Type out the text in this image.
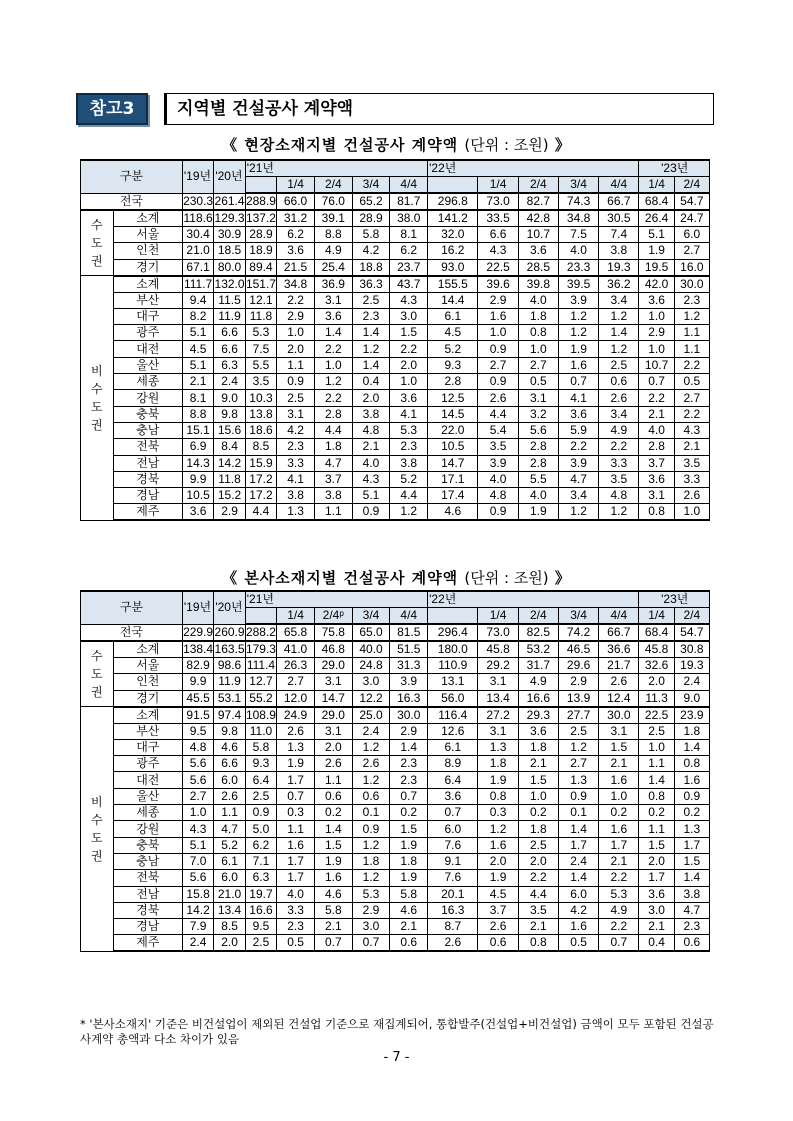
참고3	지역별 건설공사 계약액
《 현장소재지별 건설공사 계약액 (단위 : 조원) 》
구분		'19년	'20년	'21년					'22년					'23년	
					1/4	2/4	3/4	4/4		1/4	2/4	3/4	4/4	1/4	2/4
전국		230.3	261.4	288.9	66.0	76.0	65.2	81.7	296.8	73.0	82.7	74.3	66.7	68.4	54.7
수도권	소계	118.6	129.3	137.2	31.2	39.1	28.9	38.0	141.2	33.5	42.8	34.8	30.5	26.4	24.7
	서울	30.4	30.9	28.9	6.2	8.8	5.8	8.1	32.0	6.6	10.7	7.5	7.4	5.1	6.0
	인천	21.0	18.5	18.9	3.6	4.9	4.2	6.2	16.2	4.3	3.6	4.0	3.8	1.9	2.7
	경기	67.1	80.0	89.4	21.5	25.4	18.8	23.7	93.0	22.5	28.5	23.3	19.3	19.5	16.0
비수도권	소계	111.7	132.0	151.7	34.8	36.9	36.3	43.7	155.5	39.6	39.8	39.5	36.2	42.0	30.0
	부산	9.4	11.5	12.1	2.2	3.1	2.5	4.3	14.4	2.9	4.0	3.9	3.4	3.6	2.3
	대구	8.2	11.9	11.8	2.9	3.6	2.3	3.0	6.1	1.6	1.8	1.2	1.2	1.0	1.2
	광주	5.1	6.6	5.3	1.0	1.4	1.4	1.5	4.5	1.0	0.8	1.2	1.4	2.9	1.1
	대전	4.5	6.6	7.5	2.0	2.2	1.2	2.2	5.2	0.9	1.0	1.9	1.2	1.0	1.1
	울산	5.1	6.3	5.5	1.1	1.0	1.4	2.0	9.3	2.7	2.7	1.6	2.5	10.7	2.2
	세종	2.1	2.4	3.5	0.9	1.2	0.4	1.0	2.8	0.9	0.5	0.7	0.6	0.7	0.5
	강원	8.1	9.0	10.3	2.5	2.2	2.0	3.6	12.5	2.6	3.1	4.1	2.6	2.2	2.7
	충북	8.8	9.8	13.8	3.1	2.8	3.8	4.1	14.5	4.4	3.2	3.6	3.4	2.1	2.2
	충남	15.1	15.6	18.6	4.2	4.4	4.8	5.3	22.0	5.4	5.6	5.9	4.9	4.0	4.3
	전북	6.9	8.4	8.5	2.3	1.8	2.1	2.3	10.5	3.5	2.8	2.2	2.2	2.8	2.1
	전남	14.3	14.2	15.9	3.3	4.7	4.0	3.8	14.7	3.9	2.8	3.9	3.3	3.7	3.5
	경북	9.9	11.8	17.2	4.1	3.7	4.3	5.2	17.1	4.0	5.5	4.7	3.5	3.6	3.3
	경남	10.5	15.2	17.2	3.8	3.8	5.1	4.4	17.4	4.8	4.0	3.4	4.8	3.1	2.6
	제주	3.6	2.9	4.4	1.3	1.1	0.9	1.2	4.6	0.9	1.9	1.2	1.2	0.8	1.0
《 본사소재지별 건설공사 계약액 (단위 : 조원) 》
구분		'19년	'20년	'21년					'22년					'23년	
					1/4	2/4ᵖ	3/4	4/4		1/4	2/4	3/4	4/4	1/4	2/4
전국		229.9	260.9	288.2	65.8	75.8	65.0	81.5	296.4	73.0	82.5	74.2	66.7	68.4	54.7
수도권	소계	138.4	163.5	179.3	41.0	46.8	40.0	51.5	180.0	45.8	53.2	46.5	36.6	45.8	30.8
	서울	82.9	98.6	111.4	26.3	29.0	24.8	31.3	110.9	29.2	31.7	29.6	21.7	32.6	19.3
	인천	9.9	11.9	12.7	2.7	3.1	3.0	3.9	13.1	3.1	4.9	2.9	2.6	2.0	2.4
	경기	45.5	53.1	55.2	12.0	14.7	12.2	16.3	56.0	13.4	16.6	13.9	12.4	11.3	9.0
비수도권	소계	91.5	97.4	108.9	24.9	29.0	25.0	30.0	116.4	27.2	29.3	27.7	30.0	22.5	23.9
	부산	9.5	9.8	11.0	2.6	3.1	2.4	2.9	12.6	3.1	3.6	2.5	3.1	2.5	1.8
	대구	4.8	4.6	5.8	1.3	2.0	1.2	1.4	6.1	1.3	1.8	1.2	1.5	1.0	1.4
	광주	5.6	6.6	9.3	1.9	2.6	2.6	2.3	8.9	1.8	2.1	2.7	2.1	1.1	0.8
	대전	5.6	6.0	6.4	1.7	1.1	1.2	2.3	6.4	1.9	1.5	1.3	1.6	1.4	1.6
	울산	2.7	2.6	2.5	0.7	0.6	0.6	0.7	3.6	0.8	1.0	0.9	1.0	0.8	0.9
	세종	1.0	1.1	0.9	0.3	0.2	0.1	0.2	0.7	0.3	0.2	0.1	0.2	0.2	0.2
	강원	4.3	4.7	5.0	1.1	1.4	0.9	1.5	6.0	1.2	1.8	1.4	1.6	1.1	1.3
	충북	5.1	5.2	6.2	1.6	1.5	1.2	1.9	7.6	1.6	2.5	1.7	1.7	1.5	1.7
	충남	7.0	6.1	7.1	1.7	1.9	1.8	1.8	9.1	2.0	2.0	2.4	2.1	2.0	1.5
	전북	5.6	6.0	6.3	1.7	1.6	1.2	1.9	7.6	1.9	2.2	1.4	2.2	1.7	1.4
	전남	15.8	21.0	19.7	4.0	4.6	5.3	5.8	20.1	4.5	4.4	6.0	5.3	3.6	3.8
	경북	14.2	13.4	16.6	3.3	5.8	2.9	4.6	16.3	3.7	3.5	4.2	4.9	3.0	4.7
	경남	7.9	8.5	9.5	2.3	2.1	3.0	2.1	8.7	2.6	2.1	1.6	2.2	2.1	2.3
	제주	2.4	2.0	2.5	0.5	0.7	0.7	0.6	2.6	0.6	0.8	0.5	0.7	0.4	0.6
* '본사소재지' 기준은 비건설업이 제외된 건설업 기준으로 재집계되어, 통합발주(건설업+비건설업) 금액이 모두 포함된 건설공사계약 총액과 다소 차이가 있음
- 7 -
